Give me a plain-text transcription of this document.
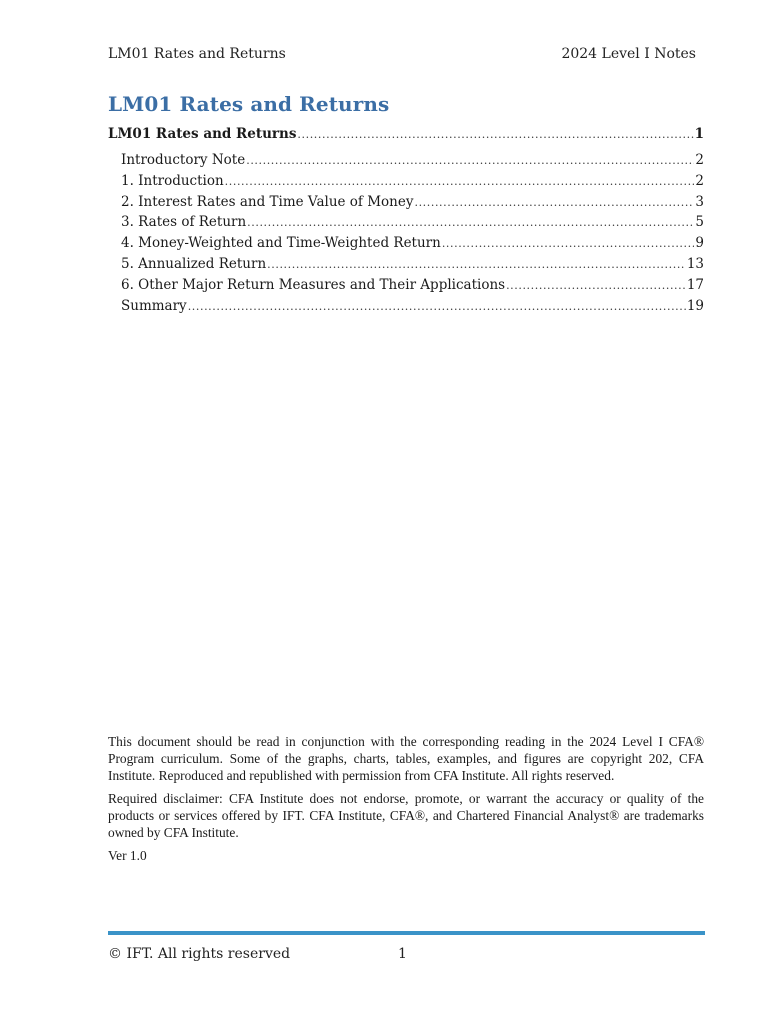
LM01 Rates and Returns	2024 Level I Notes
LM01 Rates and Returns
LM01 Rates and Returns .....	1
Introductory Note .....	2
1. Introduction .....	2
2. Interest Rates and Time Value of Money .....	3
3. Rates of Return .....	5
4. Money-Weighted and Time-Weighted Return .....	9
5. Annualized Return .....	13
6. Other Major Return Measures and Their Applications .....	17
Summary .....	19

This document should be read in conjunction with the corresponding reading in the 2024 Level I CFA® Program curriculum. Some of the graphs, charts, tables, examples, and figures are copyright 202, CFA Institute. Reproduced and republished with permission from CFA Institute. All rights reserved.

Required disclaimer: CFA Institute does not endorse, promote, or warrant the accuracy or quality of the products or services offered by IFT. CFA Institute, CFA®, and Chartered Financial Analyst® are trademarks owned by CFA Institute.

Ver 1.0

© IFT. All rights reserved	1
